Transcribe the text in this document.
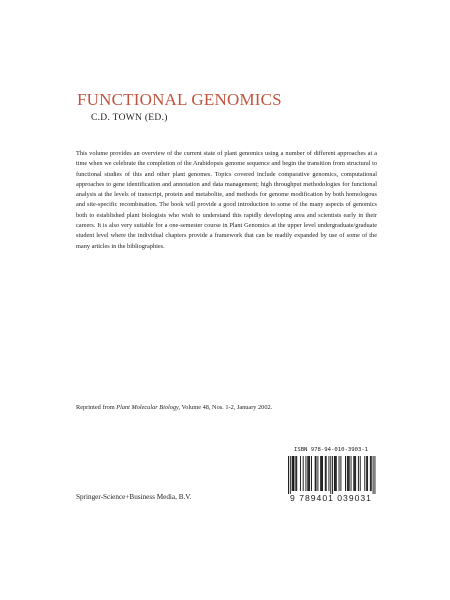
FUNCTIONAL GENOMICS
C.D. TOWN (ED.)

This volume provides an overview of the current state of plant genomics using a number of different approaches at a time when we celebrate the completion of the Arabidopsis genome sequence and begin the transition from structural to functional studies of this and other plant genomes. Topics covered include comparative genomics, computational approaches to gene identification and annotation and data management; high throughput methodologies for functional analysis at the levels of transcript, protein and metabolite, and methods for genome modification by both homologous and site-specific recombination. The book will provide a good introduction to some of the many aspects of genomics both to established plant biologists who wish to understand this rapidly developing area and scientists early in their careers. It is also very suitable for a one-semester course in Plant Genomics at the upper level undergraduate/graduate student level where the individual chapters provide a framework that can be readily expanded by use of some of the many articles in the bibliographies.

Reprinted from Plant Molecular Biology, Volume 48, Nos. 1-2, January 2002.
Springer-Science+Business Media, B.V.
ISBN 978-94-010-3903-1
9 789401 039031
